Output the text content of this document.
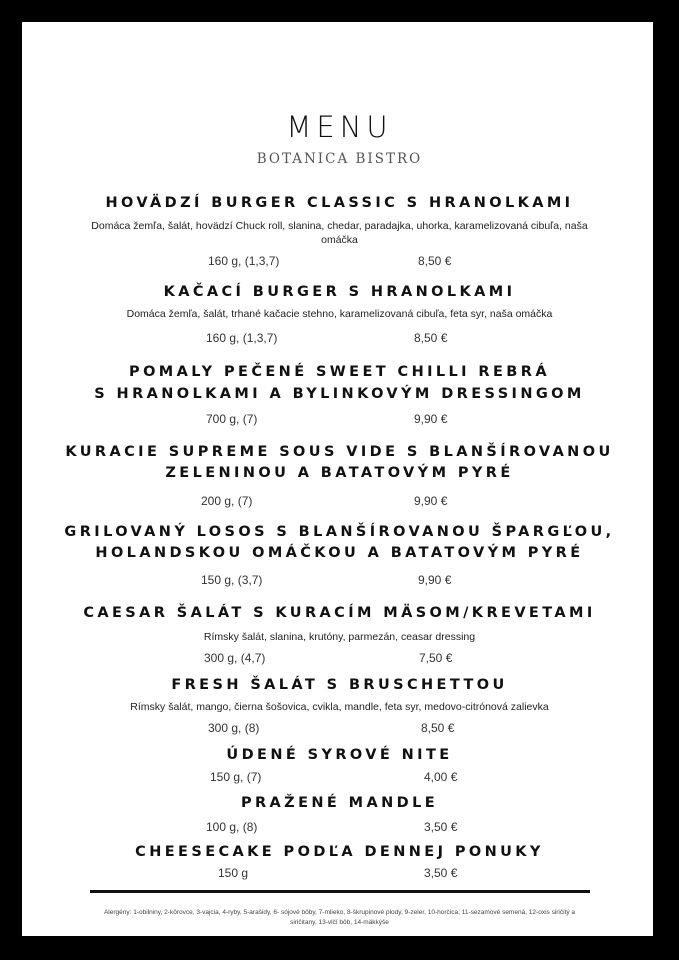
MENU
BOTANICA BISTRO
HOVÄDZÍ BURGER CLASSIC S HRANOLKAMI
Domáca žemľa, šalát, hovädzí Chuck roll, slanina, chedar, paradajka, uhorka, karamelizovaná cibuľa, naša omáčka
160 g, (1,3,7)	8,50 €
KAČACÍ BURGER S HRANOLKAMI
Domáca žemľa, šalát, trhané kačacie stehno, karamelizovaná cibuľa, feta syr, naša omáčka
160 g, (1,3,7)	8,50 €
POMALY PEČENÉ SWEET CHILLI REBRÁ
S HRANOLKAMI A BYLINKOVÝM DRESSINGOM
700 g, (7)	9,90 €
KURACIE SUPREME SOUS VIDE S BLANŠÍROVANOU
ZELENINOU A BATATOVÝM PYRÉ
200 g, (7)	9,90 €
GRILOVANÝ LOSOS S BLANŠÍROVANOU ŠPARGĽOU,
HOLANDSKOU OMÁČKOU A BATATOVÝM PYRÉ
150 g, (3,7)	9,90 €
CAESAR ŠALÁT S KURACÍM MÄSOM/KREVETAMI
Rímsky šalát, slanina, krutóny, parmezán, ceasar dressing
300 g, (4,7)	7,50 €
FRESH ŠALÁT S BRUSCHETTOU
Rímsky šalát, mango, čierna šošovica, cvikla, mandle, feta syr, medovo-citrónová zalievka
300 g, (8)	8,50 €
ÚDENÉ SYROVÉ NITE
150 g, (7)	4,00 €
PRAŽENÉ MANDLE
100 g, (8)	3,50 €
CHEESECAKE PODĽA DENNEJ PONUKY
150 g	3,50 €
Alergény: 1-obilniny, 2-kôrovce, 3-vajcia, 4-ryby, 5-arašidy, 6- sójové bôby, 7-mlieko, 8-škrupinové plody, 9-zeler, 10-horčica, 11-sezamové semená, 12-oxis siričitý a siričitany, 13-vlčí bôb, 14-mäkkýše
